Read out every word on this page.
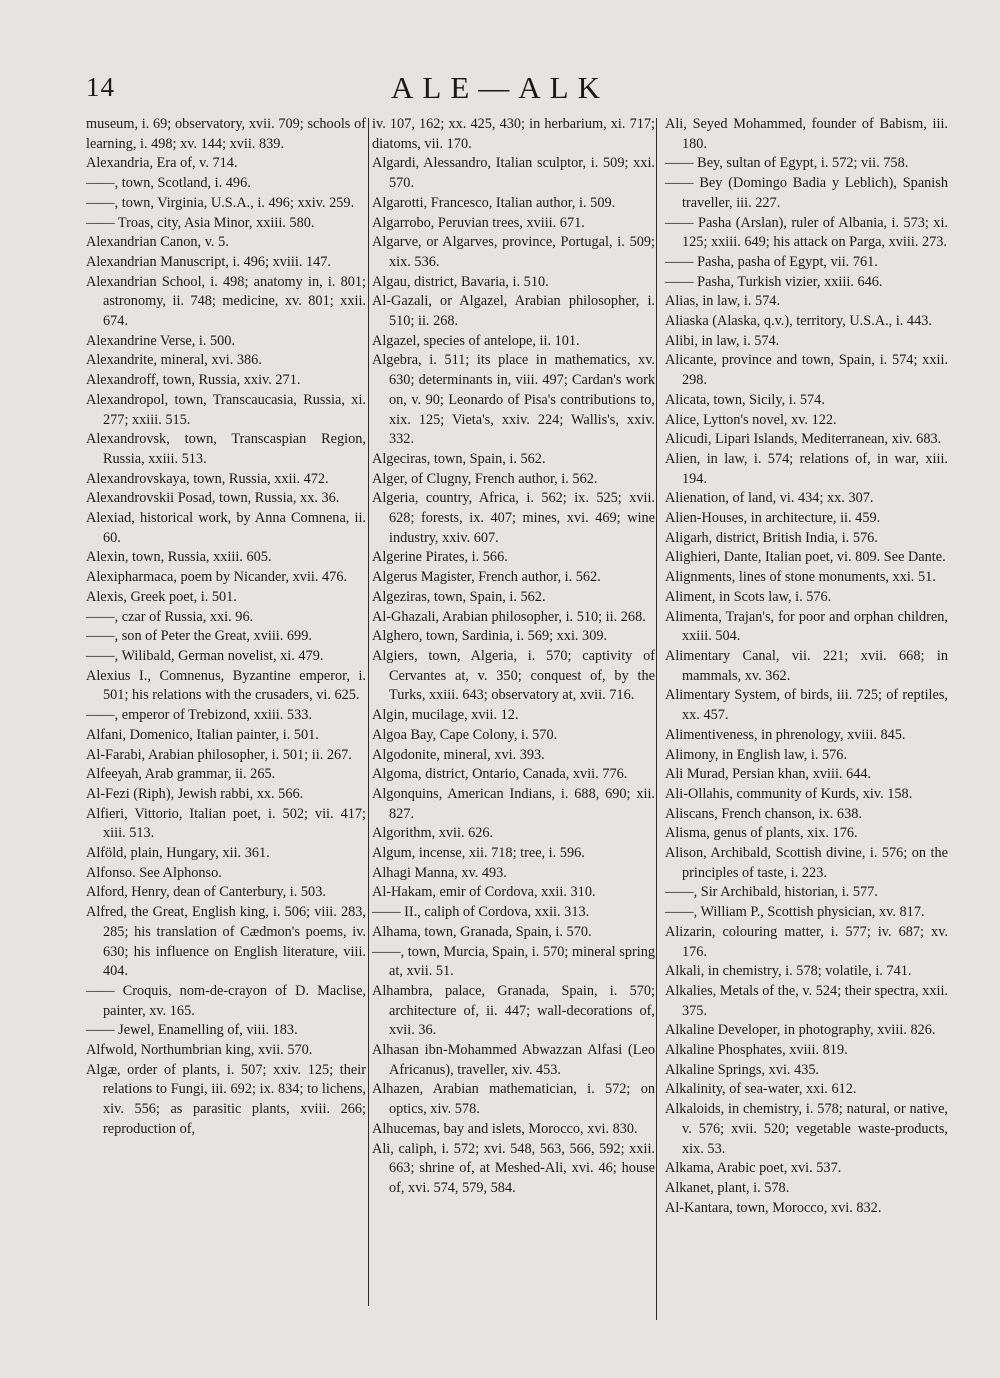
14	ALE—ALK
museum, i. 69; observatory, xvii. 709; schools of learning, i. 498; xv. 144; xvii. 839.
Alexandria, Era of, v. 714.
——, town, Scotland, i. 496.
——, town, Virginia, U.S.A., i. 496; xxiv. 259.
—— Troas, city, Asia Minor, xxiii. 580.
Alexandrian Canon, v. 5.
Alexandrian Manuscript, i. 496; xviii. 147.
Alexandrian School, i. 498; anatomy in, i. 801; astronomy, ii. 748; medicine, xv. 801; xxii. 674.
Alexandrine Verse, i. 500.
Alexandrite, mineral, xvi. 386.
Alexandroff, town, Russia, xxiv. 271.
Alexandropol, town, Transcaucasia, Russia, xi. 277; xxiii. 515.
Alexandrovsk, town, Transcaspian Region, Russia, xxiii. 513.
Alexandrovskaya, town, Russia, xxii. 472.
Alexandrovskii Posad, town, Russia, xx. 36.
Alexiad, historical work, by Anna Comnena, ii. 60.
Alexin, town, Russia, xxiii. 605.
Alexipharmaca, poem by Nicander, xvii. 476.
Alexis, Greek poet, i. 501.
——, czar of Russia, xxi. 96.
——, son of Peter the Great, xviii. 699.
——, Wilibald, German novelist, xi. 479.
Alexius I., Comnenus, Byzantine emperor, i. 501; his relations with the crusaders, vi. 625.
——, emperor of Trebizond, xxiii. 533.
Alfani, Domenico, Italian painter, i. 501.
Al-Farabi, Arabian philosopher, i. 501; ii. 267.
Alfeeyah, Arab grammar, ii. 265.
Al-Fezi (Riph), Jewish rabbi, xx. 566.
Alfieri, Vittorio, Italian poet, i. 502; vii. 417; xiii. 513.
Alföld, plain, Hungary, xii. 361.
Alfonso. See Alphonso.
Alford, Henry, dean of Canterbury, i. 503.
Alfred, the Great, English king, i. 506; viii. 283, 285; his translation of Cædmon's poems, iv. 630; his influence on English literature, viii. 404.
—— Croquis, nom-de-crayon of D. Maclise, painter, xv. 165.
—— Jewel, Enamelling of, viii. 183.
Alfwold, Northumbrian king, xvii. 570.
Algæ, order of plants, i. 507; xxiv. 125; their relations to Fungi, iii. 692; ix. 834; to lichens, xiv. 556; as parasitic plants, xviii. 266; reproduction of,
iv. 107, 162; xx. 425, 430; in herbarium, xi. 717; diatoms, vii. 170.
Algardi, Alessandro, Italian sculptor, i. 509; xxi. 570.
Algarotti, Francesco, Italian author, i. 509.
Algarrobo, Peruvian trees, xviii. 671.
Algarve, or Algarves, province, Portugal, i. 509; xix. 536.
Algau, district, Bavaria, i. 510.
Al-Gazali, or Algazel, Arabian philosopher, i. 510; ii. 268.
Algazel, species of antelope, ii. 101.
Algebra, i. 511; its place in mathematics, xv. 630; determinants in, viii. 497; Cardan's work on, v. 90; Leonardo of Pisa's contributions to, xix. 125; Vieta's, xxiv. 224; Wallis's, xxiv. 332.
Algeciras, town, Spain, i. 562.
Alger, of Clugny, French author, i. 562.
Algeria, country, Africa, i. 562; ix. 525; xvii. 628; forests, ix. 407; mines, xvi. 469; wine industry, xxiv. 607.
Algerine Pirates, i. 566.
Algerus Magister, French author, i. 562.
Algeziras, town, Spain, i. 562.
Al-Ghazali, Arabian philosopher, i. 510; ii. 268.
Alghero, town, Sardinia, i. 569; xxi. 309.
Algiers, town, Algeria, i. 570; captivity of Cervantes at, v. 350; conquest of, by the Turks, xxiii. 643; observatory at, xvii. 716.
Algin, mucilage, xvii. 12.
Algoa Bay, Cape Colony, i. 570.
Algodonite, mineral, xvi. 393.
Algoma, district, Ontario, Canada, xvii. 776.
Algonquins, American Indians, i. 688, 690; xii. 827.
Algorithm, xvii. 626.
Algum, incense, xii. 718; tree, i. 596.
Alhagi Manna, xv. 493.
Al-Hakam, emir of Cordova, xxii. 310.
—— II., caliph of Cordova, xxii. 313.
Alhama, town, Granada, Spain, i. 570.
——, town, Murcia, Spain, i. 570; mineral spring at, xvii. 51.
Alhambra, palace, Granada, Spain, i. 570; architecture of, ii. 447; wall-decorations of, xvii. 36.
Alhasan ibn-Mohammed Abwazzan Alfasi (Leo Africanus), traveller, xiv. 453.
Alhazen, Arabian mathematician, i. 572; on optics, xiv. 578.
Alhucemas, bay and islets, Morocco, xvi. 830.
Ali, caliph, i. 572; xvi. 548, 563, 566, 592; xxii. 663; shrine of, at Meshed-Ali, xvi. 46; house of, xvi. 574, 579, 584.
Ali, Seyed Mohammed, founder of Babism, iii. 180.
—— Bey, sultan of Egypt, i. 572; vii. 758.
—— Bey (Domingo Badia y Leblich), Spanish traveller, iii. 227.
—— Pasha (Arslan), ruler of Albania, i. 573; xi. 125; xxiii. 649; his attack on Parga, xviii. 273.
—— Pasha, pasha of Egypt, vii. 761.
—— Pasha, Turkish vizier, xxiii. 646.
Alias, in law, i. 574.
Aliaska (Alaska, q.v.), territory, U.S.A., i. 443.
Alibi, in law, i. 574.
Alicante, province and town, Spain, i. 574; xxii. 298.
Alicata, town, Sicily, i. 574.
Alice, Lytton's novel, xv. 122.
Alicudi, Lipari Islands, Mediterranean, xiv. 683.
Alien, in law, i. 574; relations of, in war, xiii. 194.
Alienation, of land, vi. 434; xx. 307.
Alien-Houses, in architecture, ii. 459.
Aligarh, district, British India, i. 576.
Alighieri, Dante, Italian poet, vi. 809. See Dante.
Alignments, lines of stone monuments, xxi. 51.
Aliment, in Scots law, i. 576.
Alimenta, Trajan's, for poor and orphan children, xxiii. 504.
Alimentary Canal, vii. 221; xvii. 668; in mammals, xv. 362.
Alimentary System, of birds, iii. 725; of reptiles, xx. 457.
Alimentiveness, in phrenology, xviii. 845.
Alimony, in English law, i. 576.
Ali Murad, Persian khan, xviii. 644.
Ali-Ollahis, community of Kurds, xiv. 158.
Aliscans, French chanson, ix. 638.
Alisma, genus of plants, xix. 176.
Alison, Archibald, Scottish divine, i. 576; on the principles of taste, i. 223.
——, Sir Archibald, historian, i. 577.
——, William P., Scottish physician, xv. 817.
Alizarin, colouring matter, i. 577; iv. 687; xv. 176.
Alkali, in chemistry, i. 578; volatile, i. 741.
Alkalies, Metals of the, v. 524; their spectra, xxii. 375.
Alkaline Developer, in photography, xviii. 826.
Alkaline Phosphates, xviii. 819.
Alkaline Springs, xvi. 435.
Alkalinity, of sea-water, xxi. 612.
Alkaloids, in chemistry, i. 578; natural, or native, v. 576; xvii. 520; vegetable waste-products, xix. 53.
Alkama, Arabic poet, xvi. 537.
Alkanet, plant, i. 578.
Al-Kantara, town, Morocco, xvi. 832.
